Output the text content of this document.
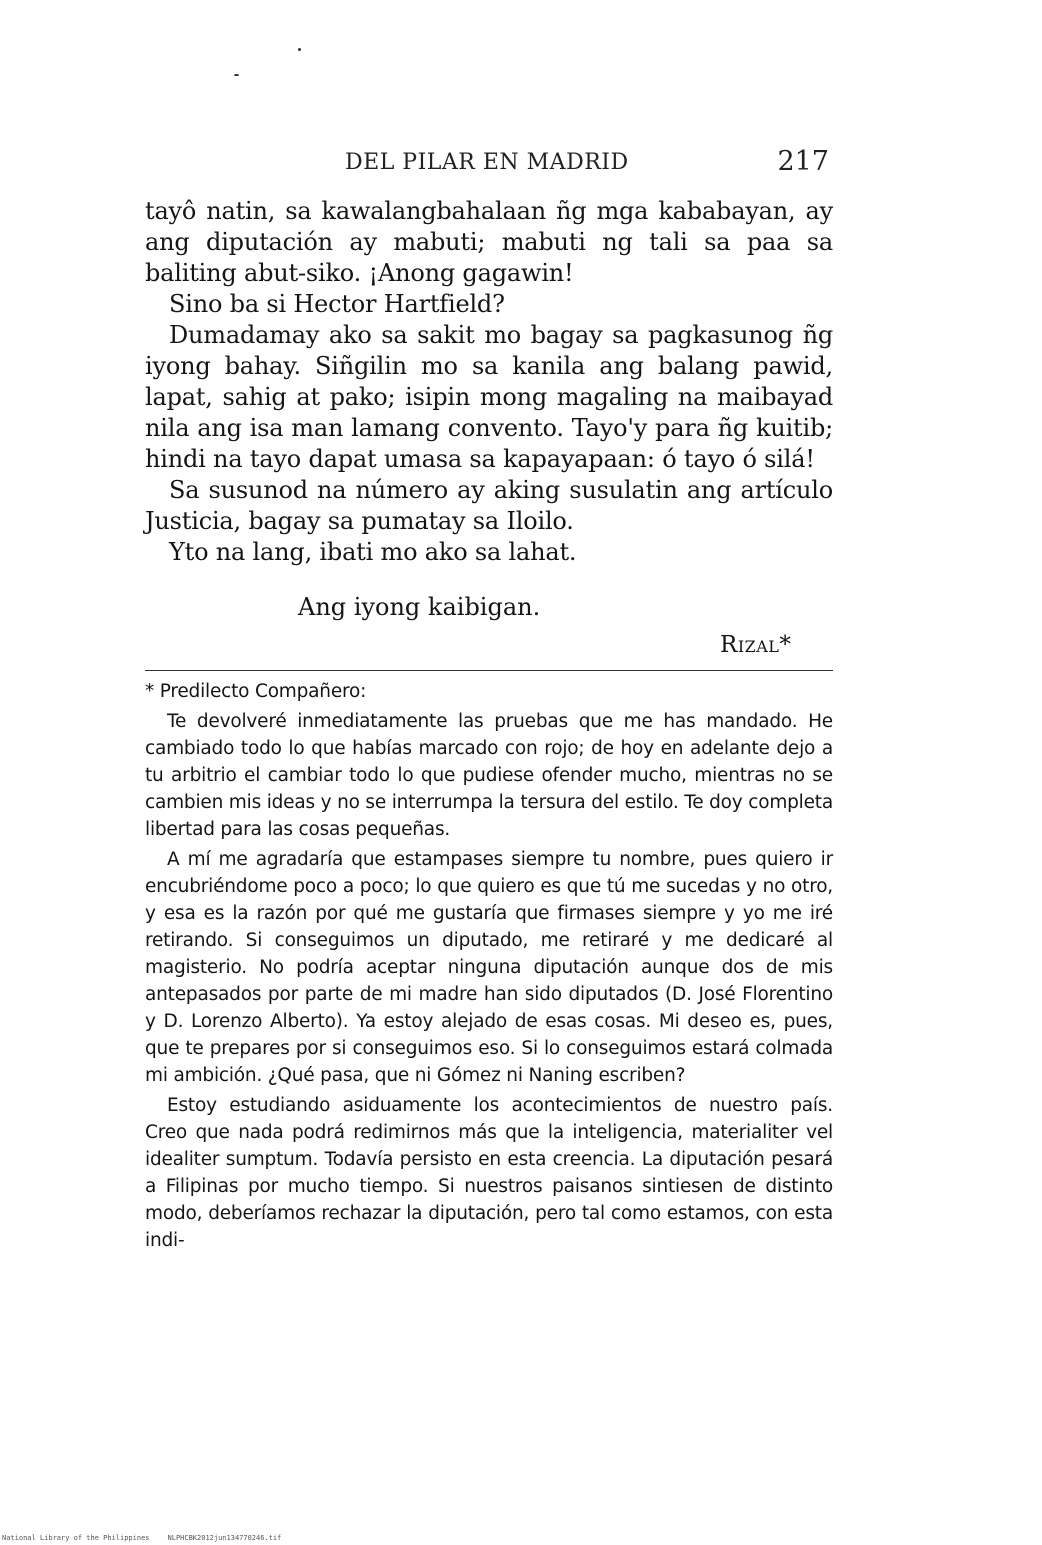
DEL PILAR EN MADRID	217

tayô natin, sa kawalangbahalaan ñg mga kababayan, ay ang diputación ay mabuti; mabuti ng tali sa paa sa baliting abut-siko. ¡Anong gagawin!

Sino ba si Hector Hartfield?

Dumadamay ako sa sakit mo bagay sa pagkasunog ñg iyong bahay. Siñgilin mo sa kanila ang balang pawid, lapat, sahig at pako; isipin mong magaling na maibayad nila ang isa man lamang convento. Tayo'y para ñg kuitib; hindi na tayo dapat umasa sa kapayapaan: ó tayo ó silá!

Sa susunod na número ay aking susulatin ang artículo Justicia, bagay sa pumatay sa Iloilo.

Yto na lang, ibati mo ako sa lahat.

Ang iyong kaibigan.
Rizal*

* Predilecto Compañero:

Te devolveré inmediatamente las pruebas que me has mandado. He cambiado todo lo que habías marcado con rojo; de hoy en adelante dejo a tu arbitrio el cambiar todo lo que pudiese ofender mucho, mientras no se cambien mis ideas y no se interrumpa la tersura del estilo. Te doy completa libertad para las cosas pequeñas.

A mí me agradaría que estampases siempre tu nombre, pues quiero ir encubriéndome poco a poco; lo que quiero es que tú me sucedas y no otro, y esa es la razón por qué me gustaría que firmases siempre y yo me iré retirando. Si conseguimos un diputado, me retiraré y me dedicaré al magisterio. No podría aceptar ninguna diputación aunque dos de mis antepasados por parte de mi madre han sido diputados (D. José Florentino y D. Lorenzo Alberto). Ya estoy alejado de esas cosas. Mi deseo es, pues, que te prepares por si conseguimos eso. Si lo conseguimos estará colmada mi ambición. ¿Qué pasa, que ni Gómez ni Naning escriben?

Estoy estudiando asiduamente los acontecimientos de nuestro país. Creo que nada podrá redimirnos más que la inteligencia, materialiter vel idealiter sumptum. Todavía persisto en esta creencia. La diputación pesará a Filipinas por mucho tiempo. Si nuestros paisanos sintiesen de distinto modo, deberíamos rechazar la diputación, pero tal como estamos, con esta indi-

National Library of the Philippines	NLPHCBK2012jun134770246.tif
